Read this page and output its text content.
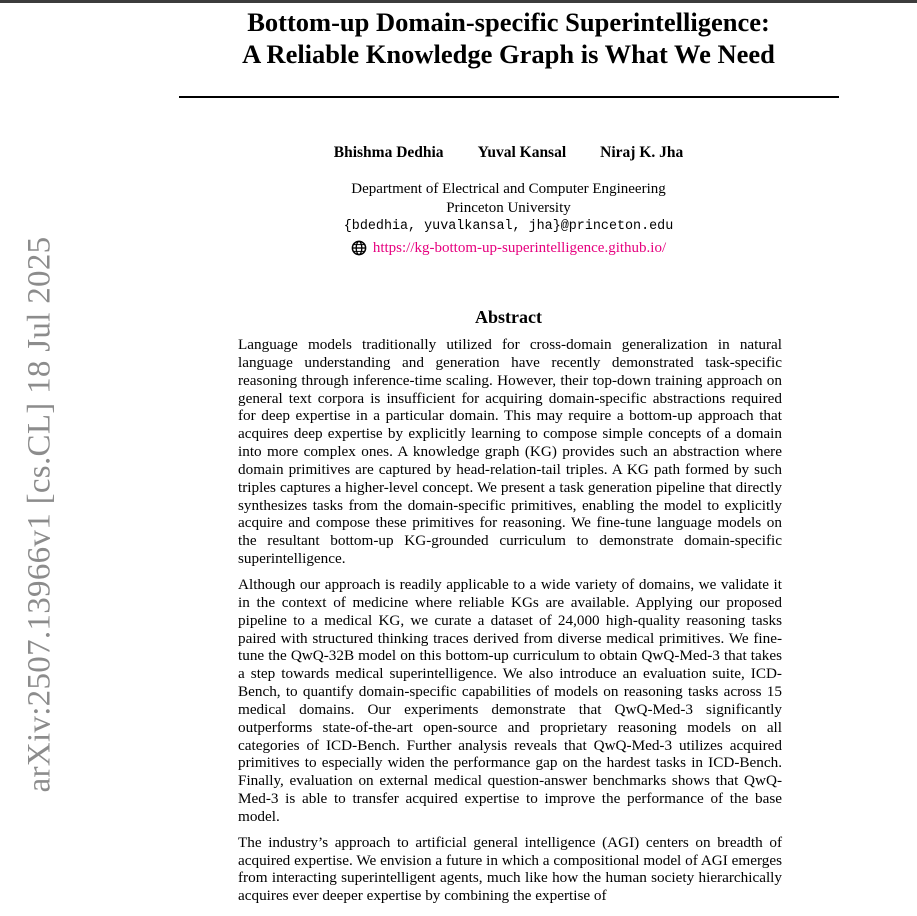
arXiv:2507.13966v1 [cs.CL] 18 Jul 2025
Bottom-up Domain-specific Superintelligence:
A Reliable Knowledge Graph is What We Need
Bhishma Dedhia Yuval Kansal Niraj K. Jha
Department of Electrical and Computer Engineering
Princeton University
{bdedhia, yuvalkansal, jha}@princeton.edu
https://kg-bottom-up-superintelligence.github.io/
Abstract

Language models traditionally utilized for cross-domain generalization in natural language understanding and generation have recently demonstrated task-specific reasoning through inference-time scaling. However, their top-down training approach on general text corpora is insufficient for acquiring domain-specific abstractions required for deep expertise in a particular domain. This may require a bottom-up approach that acquires deep expertise by explicitly learning to compose simple concepts of a domain into more complex ones. A knowledge graph (KG) provides such an abstraction where domain primitives are captured by head-relation-tail triples. A KG path formed by such triples captures a higher-level concept. We present a task generation pipeline that directly synthesizes tasks from the domain-specific primitives, enabling the model to explicitly acquire and compose these primitives for reasoning. We fine-tune language models on the resultant bottom-up KG-grounded curriculum to demonstrate domain-specific superintelligence.

Although our approach is readily applicable to a wide variety of domains, we validate it in the context of medicine where reliable KGs are available. Applying our proposed pipeline to a medical KG, we curate a dataset of 24,000 high-quality reasoning tasks paired with structured thinking traces derived from diverse medical primitives. We fine-tune the QwQ-32B model on this bottom-up curriculum to obtain QwQ-Med-3 that takes a step towards medical superintelligence. We also introduce an evaluation suite, ICD-Bench, to quantify domain-specific capabilities of models on reasoning tasks across 15 medical domains. Our experiments demonstrate that QwQ-Med-3 significantly outperforms state-of-the-art open-source and proprietary reasoning models on all categories of ICD-Bench. Further analysis reveals that QwQ-Med-3 utilizes acquired primitives to especially widen the performance gap on the hardest tasks in ICD-Bench. Finally, evaluation on external medical question-answer benchmarks shows that QwQ-Med-3 is able to transfer acquired expertise to improve the performance of the base model.

The industry’s approach to artificial general intelligence (AGI) centers on breadth of acquired expertise. We envision a future in which a compositional model of AGI emerges from interacting superintelligent agents, much like how the human society hierarchically acquires ever deeper expertise by combining the expertise of
